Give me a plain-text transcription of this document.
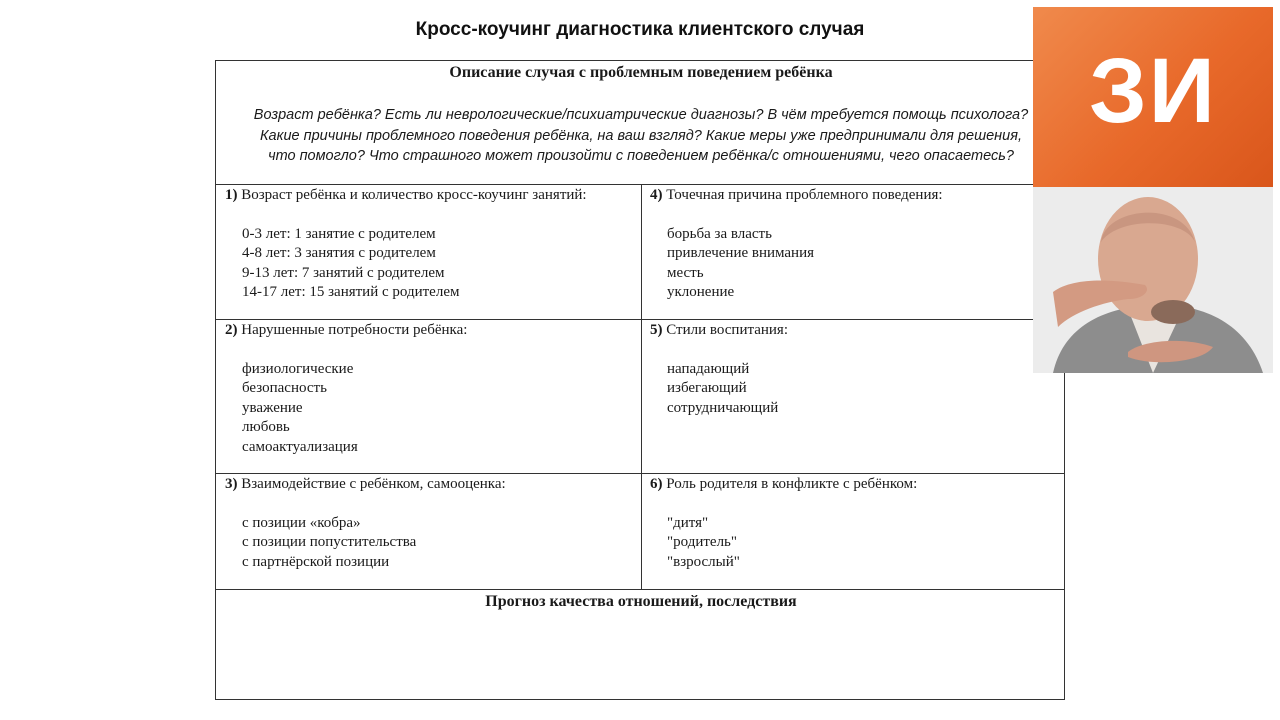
Кросс-коучинг диагностика клиентского случая
Описание случая с проблемным поведением ребёнка
Возраст ребёнка? Есть ли неврологические/психиатрические диагнозы? В чём требуется помощь психолога?
Какие причины проблемного поведения ребёнка, на ваш взгляд? Какие меры уже предпринимали для решения,
что помогло? Что страшного может произойти с поведением ребёнка/с отношениями, чего опасаетесь?
1) Возраст ребёнка и количество кросс-коучинг занятий:
0-3 лет: 1 занятие с родителем
4-8 лет: 3 занятия с родителем
9-13 лет: 7 занятий с родителем
14-17 лет: 15 занятий с родителем
2) Нарушенные потребности ребёнка:
физиологические
безопасность
уважение
любовь
самоактуализация
3) Взаимодействие с ребёнком, самооценка:
с позиции «кобра»
с позиции попустительства
с партнёрской позиции
4) Точечная причина проблемного поведения:
борьба за власть
привлечение внимания
месть
уклонение
5) Стили воспитания:
нападающий
избегающий
сотрудничающий
6) Роль родителя в конфликте с ребёнком:
"дитя"
"родитель"
"взрослый"
Прогноз качества отношений, последствия
ЗИ
